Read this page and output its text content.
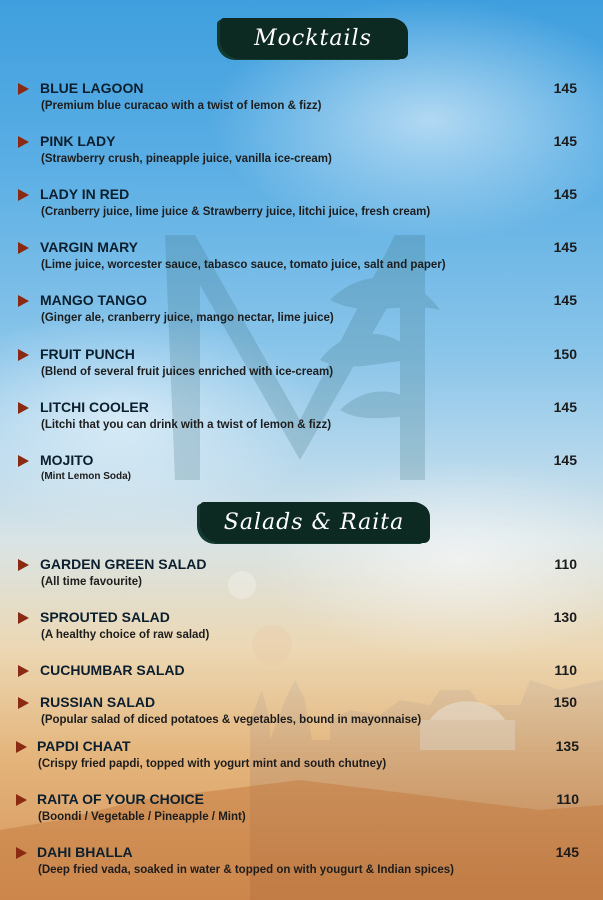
Mocktails
BLUE LAGOON
(Premium blue curacao with a twist of lemon & fizz)
145
PINK LADY
(Strawberry crush, pineapple juice, vanilla ice-cream)
145
LADY IN RED
(Cranberry juice, lime juice & Strawberry juice, litchi juice, fresh cream)
145
VARGIN MARY
(Lime juice, worcester sauce, tabasco sauce, tomato juice, salt and paper)
145
MANGO TANGO
(Ginger ale, cranberry juice, mango nectar, lime juice)
145
FRUIT PUNCH
(Blend of several fruit juices enriched with ice-cream)
150
LITCHI COOLER
(Litchi that you can drink with a twist of lemon & fizz)
145
MOJITO
(Mint Lemon Soda)
145
Salads & Raita
GARDEN GREEN SALAD
(All time favourite)
110
SPROUTED SALAD
(A healthy choice of raw salad)
130
CUCHUMBAR SALAD	110
RUSSIAN SALAD
(Popular salad of diced potatoes & vegetables, bound in mayonnaise)
150
PAPDI CHAAT
(Crispy fried papdi, topped with yogurt mint and south chutney)
135
RAITA OF YOUR CHOICE
(Boondi / Vegetable / Pineapple / Mint)
110
DAHI BHALLA
(Deep fried vada, soaked in water & topped on with yougurt & Indian spices)
145
